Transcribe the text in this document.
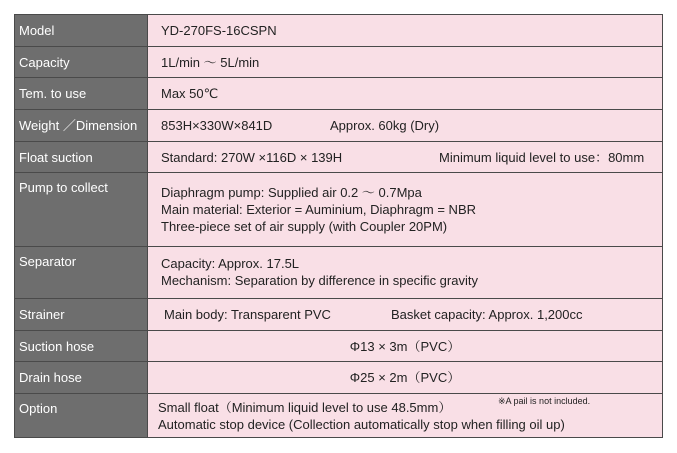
Model	YD-270FS-16CSPN
Capacity	1L/min 〜 5L/min
Tem. to use	Max 50℃
Weight ／Dimension	853H×330W×841D Approx. 60kg (Dry)

Float suction	Standard: 270W ×116D × 139H Minimum liquid level to use：80mm

Pump to collect	Diaphragm pump: Supplied air 0.2 〜 0.7Mpa
Main material: Exterior = Auminium, Diaphragm = NBR
Three-piece set of air supply (with Coupler 20PM)

Separator	Capacity: Approx. 17.5L
Mechanism: Separation by difference in specific gravity

Strainer	Main body: Transparent PVC Basket capacity: Approx. 1,200cc

Suction hose	Φ13 × 3m（PVC）
Drain hose	Φ25 × 2m（PVC）
Option	Small float（Minimum liquid level to use 48.5mm） ※A pail is not included.
Automatic stop device (Collection automatically stop when filling oil up)
